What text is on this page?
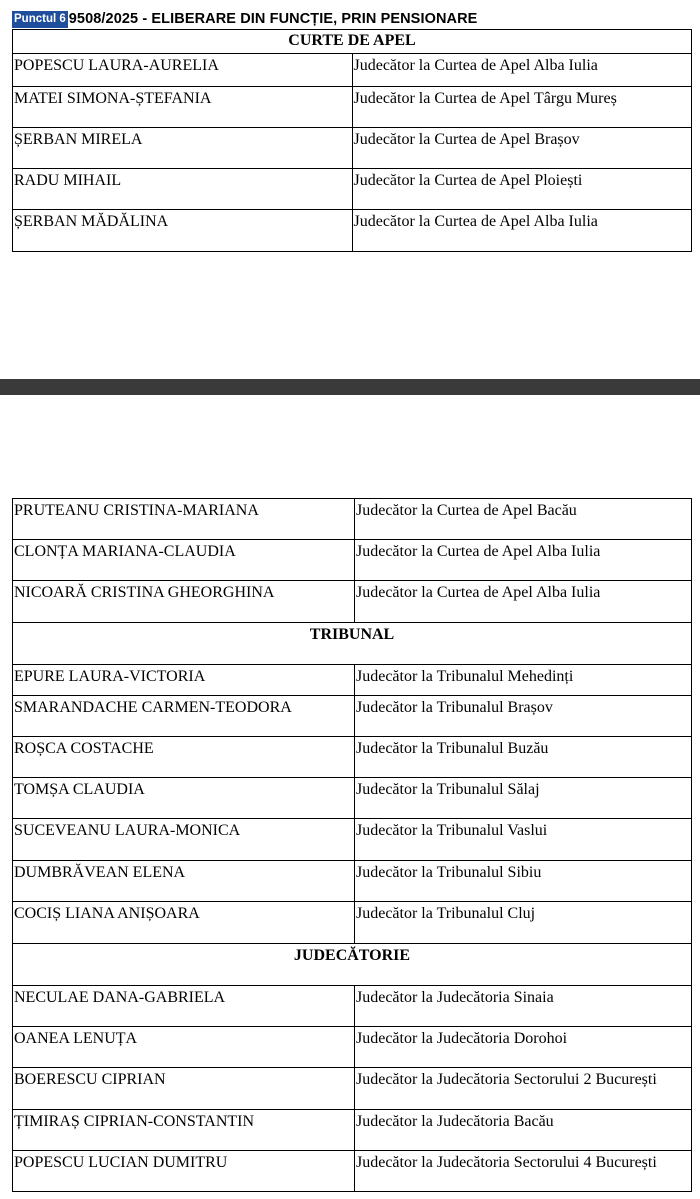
Punctul 6 9508/2025 - ELIBERARE DIN FUNCȚIE, PRIN PENSIONARE
CURTE DE APEL	

POPESCU LAURA-AURELIA	Judecător la Curtea de Apel Alba Iulia

MATEI SIMONA-ȘTEFANIA	Judecător la Curtea de Apel Târgu Mureș

ȘERBAN MIRELA	Judecător la Curtea de Apel Brașov

RADU MIHAIL	Judecător la Curtea de Apel Ploiești

ȘERBAN MĂDĂLINA	Judecător la Curtea de Apel Alba Iulia
PRUTEANU CRISTINA-MARIANA	Judecător la Curtea de Apel Bacău

CLONȚA MARIANA-CLAUDIA	Judecător la Curtea de Apel Alba Iulia

NICOARĂ CRISTINA GHEORGHINA	Judecător la Curtea de Apel Alba Iulia

TRIBUNAL	

EPURE LAURA-VICTORIA	Judecător la Tribunalul Mehedinți

SMARANDACHE CARMEN-TEODORA	Judecător la Tribunalul Brașov

ROȘCA COSTACHE	Judecător la Tribunalul Buzău

TOMȘA CLAUDIA	Judecător la Tribunalul Sălaj

SUCEVEANU LAURA-MONICA	Judecător la Tribunalul Vaslui

DUMBRĂVEAN ELENA	Judecător la Tribunalul Sibiu

COCIȘ LIANA ANIȘOARA	Judecător la Tribunalul Cluj

JUDECĂTORIE	

NECULAE DANA-GABRIELA	Judecător la Judecătoria Sinaia

OANEA LENUȚA	Judecător la Judecătoria Dorohoi

BOERESCU CIPRIAN	Judecător la Judecătoria Sectorului 2 București

ȚIMIRAȘ CIPRIAN-CONSTANTIN	Judecător la Judecătoria Bacău

POPESCU LUCIAN DUMITRU	Judecător la Judecătoria Sectorului 4 București
